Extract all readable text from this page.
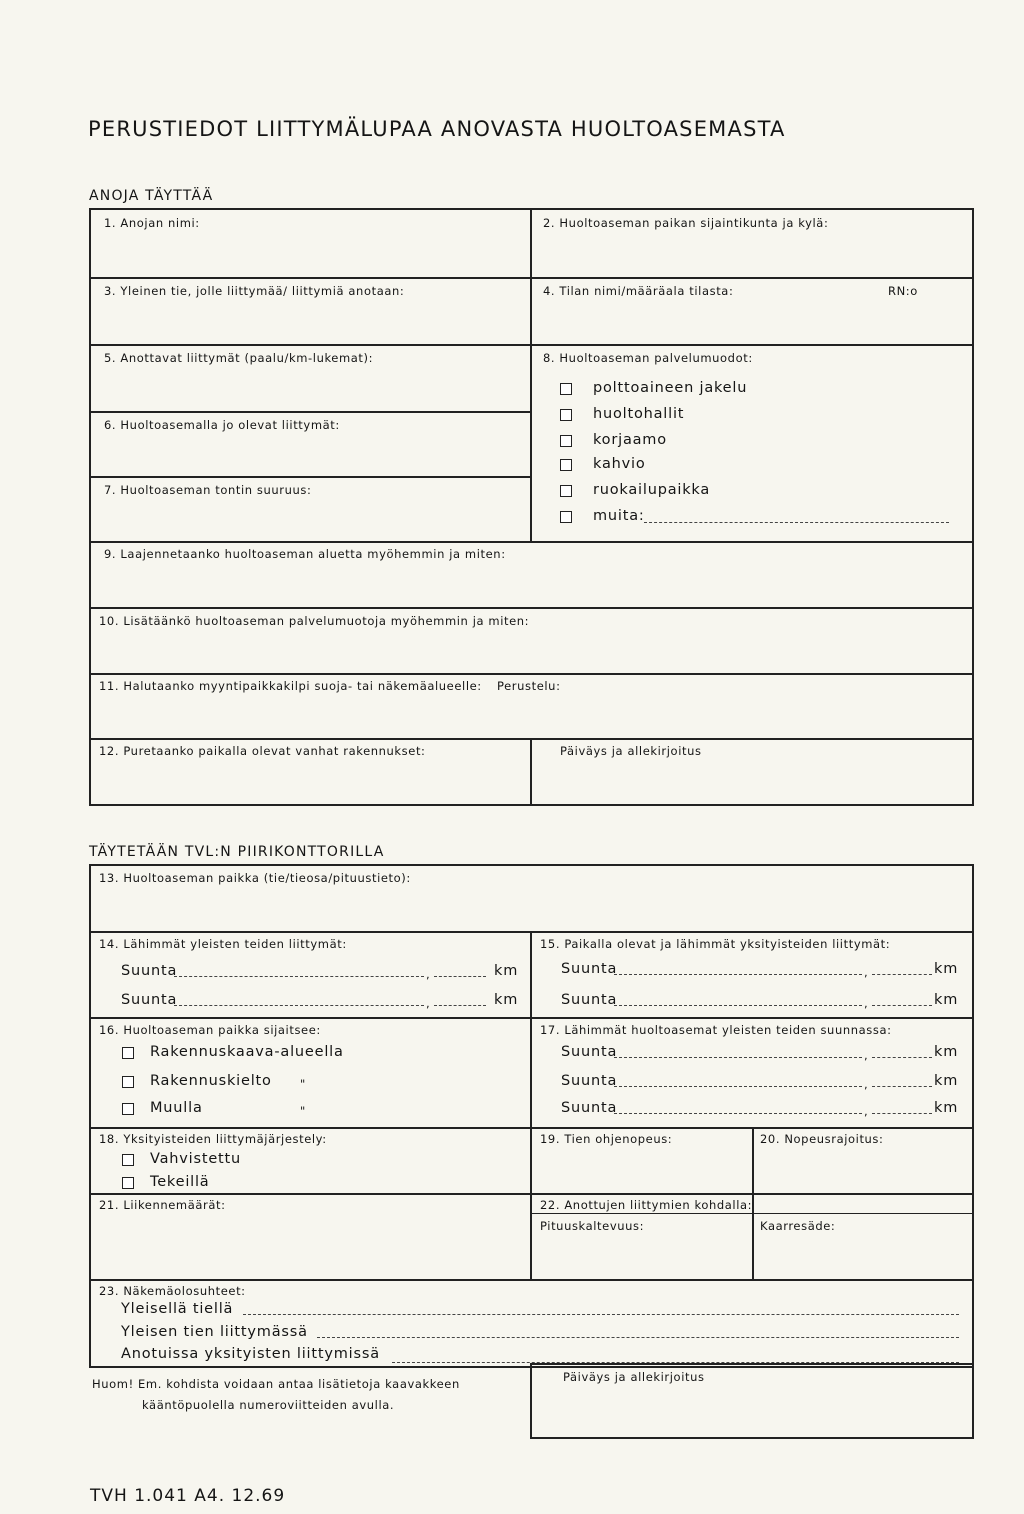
PERUSTIEDOT LIITTYMÄLUPAA ANOVASTA HUOLTOASEMASTA
ANOJA TÄYTTÄÄ
1. Anojan nimi:	2. Huoltoaseman paikan sijaintikunta ja kylä:
3. Yleinen tie, jolle liittymää/ liittymiä anotaan:	4. Tilan nimi/määräala tilasta:	RN:o
5. Anottavat liittymät (paalu/km-lukemat):	8. Huoltoaseman palvelumuodot:
6. Huoltoasemalla jo olevat liittymät:
7. Huoltoaseman tontin suuruus:
polttoaineen jakelu
huoltohallit
korjaamo
kahvio
ruokailupaikka
muita:
9. Laajennetaanko huoltoaseman aluetta myöhemmin ja miten:
10. Lisätäänkö huoltoaseman palvelumuotoja myöhemmin ja miten:
11. Halutaanko myyntipaikkakilpi suoja- tai näkemäalueelle: Perustelu:
12. Puretaanko paikalla olevat vanhat rakennukset:	Päiväys ja allekirjoitus
TÄYTETÄÄN TVL:N PIIRIKONTTORILLA
13. Huoltoaseman paikka (tie/tieosa/pituustieto):
14. Lähimmät yleisten teiden liittymät:
Suunta	,	km
Suunta	,	km
15. Paikalla olevat ja lähimmät yksityisteiden liittymät:
Suunta	,	km
Suunta	,	km
16. Huoltoaseman paikka sijaitsee:
Rakennuskaava-alueella
Rakennuskielto "
Muulla	"
17. Lähimmät huoltoasemat yleisten teiden suunnassa:
Suunta	,	km
Suunta	,	km
Suunta	,	km
18. Yksityisteiden liittymäjärjestely:
Vahvistettu
Tekeillä
19. Tien ohjenopeus:	20. Nopeusrajoitus:
21. Liikennemäärät:	22. Anottujen liittymien kohdalla:
Pituuskaltevuus:	Kaarresäde:
23. Näkemäolosuhteet:
Yleisellä tiellä
Yleisen tien liittymässä
Anotuissa yksityisten liittymissä
Päiväys ja allekirjoitus
Huom! Em. kohdista voidaan antaa lisätietoja kaavakkeen
kääntöpuolella numeroviitteiden avulla.
TVH 1.041 A4. 12.69
